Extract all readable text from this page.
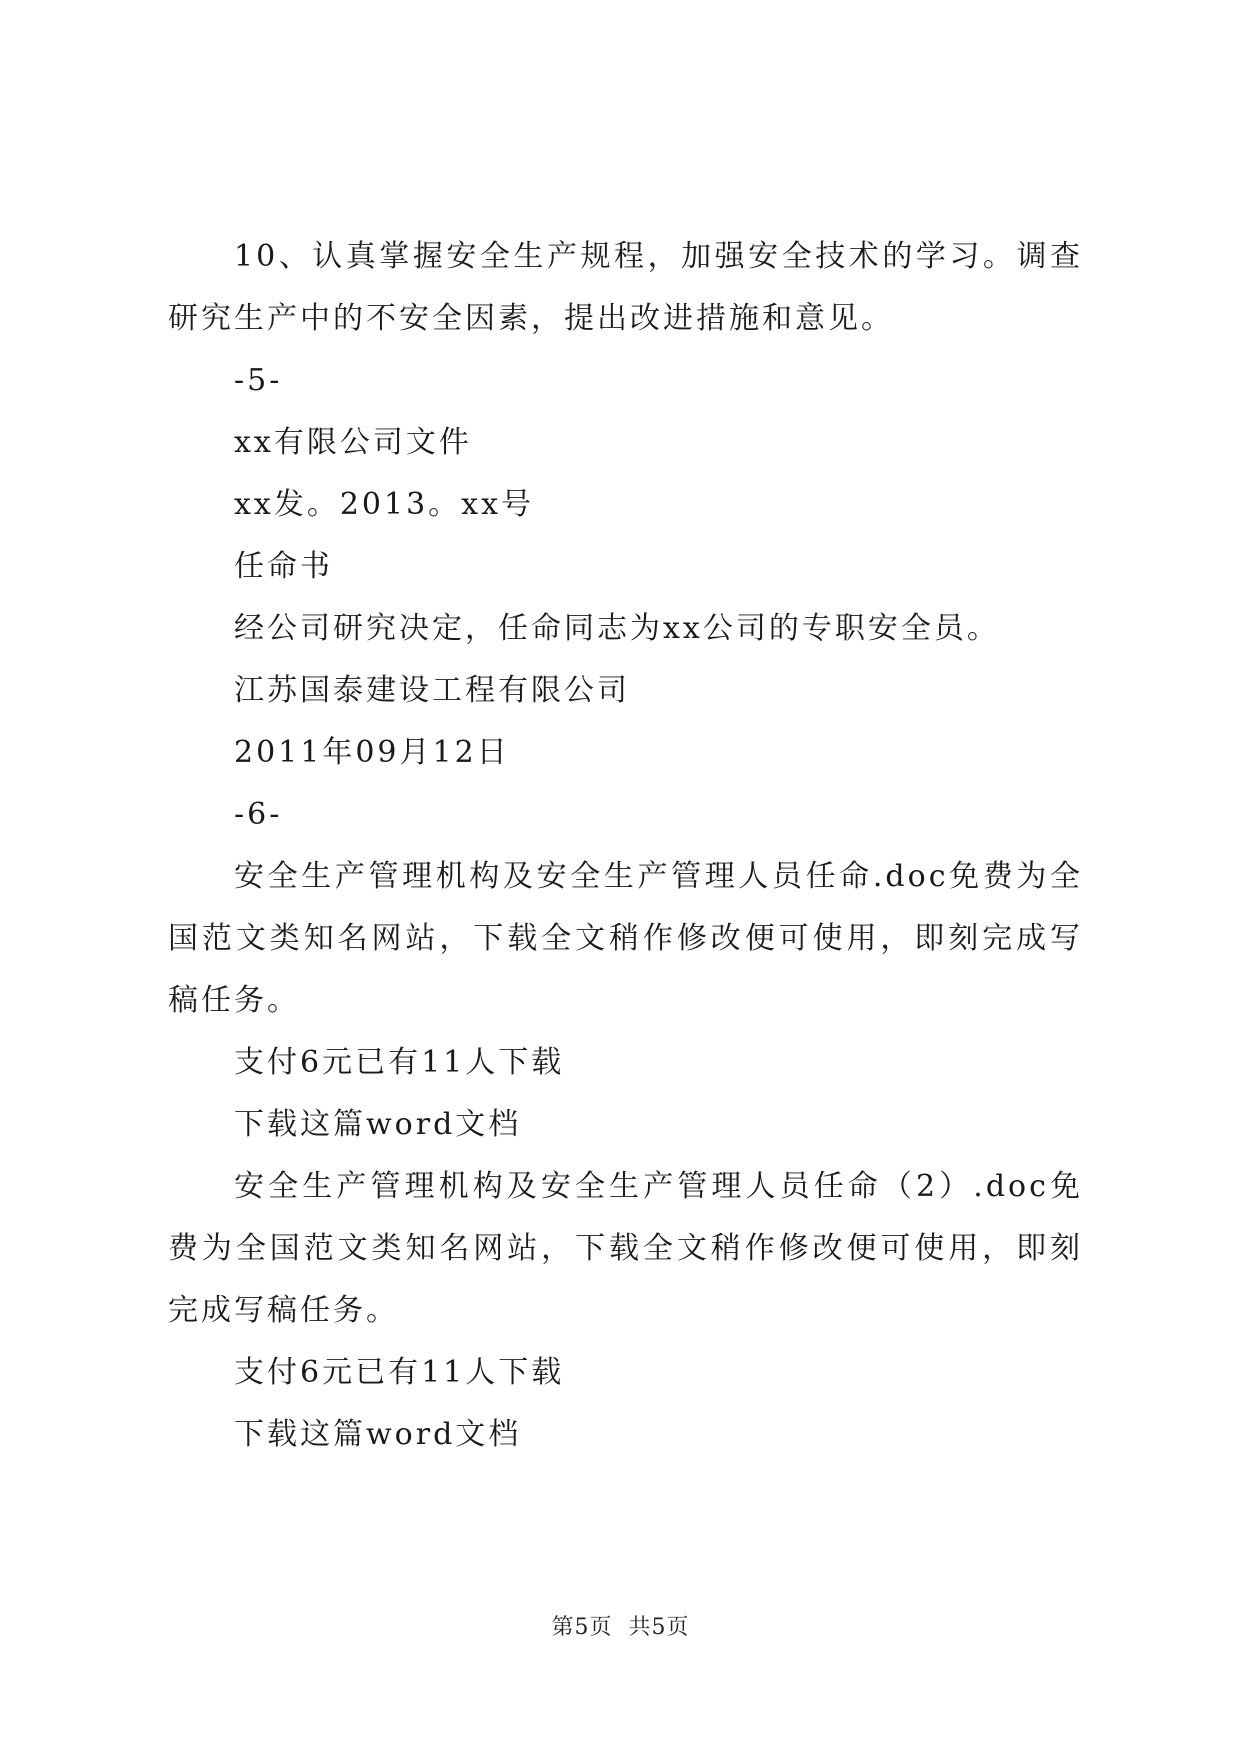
10、认真掌握安全生产规程，加强安全技术的学习。调查研究生产中的不安全因素，提出改进措施和意见。

-5-

xx有限公司文件

xx发。2013。xx号

任命书

经公司研究决定，任命同志为xx公司的专职安全员。

江苏国泰建设工程有限公司

2011年09月12日

-6-

安全生产管理机构及安全生产管理人员任命.doc免费为全国范文类知名网站，下载全文稍作修改便可使用，即刻完成写稿任务。

支付6元已有11人下载

下载这篇word文档

安全生产管理机构及安全生产管理人员任命（2）.doc免费为全国范文类知名网站，下载全文稍作修改便可使用，即刻完成写稿任务。

支付6元已有11人下载

下载这篇word文档

第5页 共5页
